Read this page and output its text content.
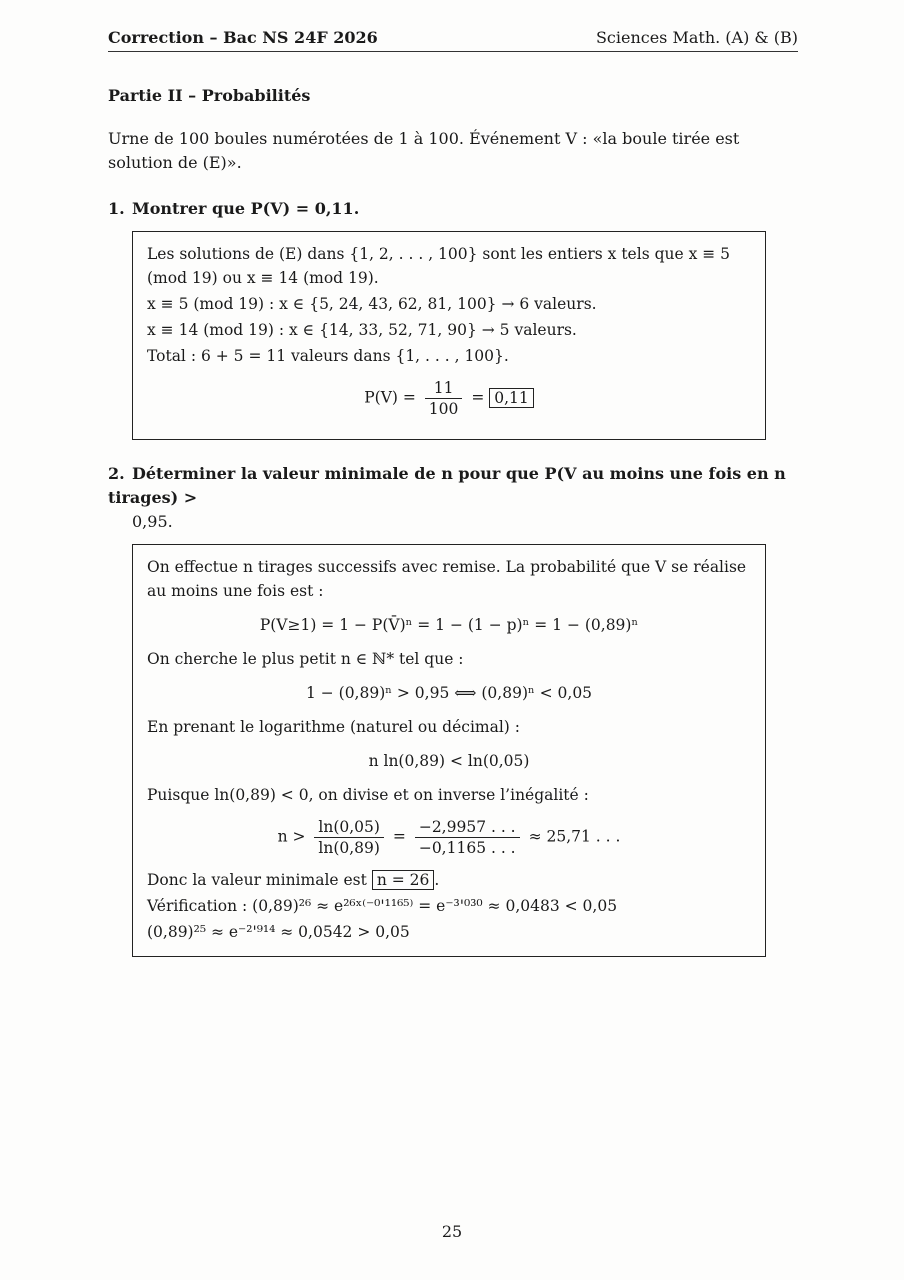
Correction – Bac NS 24F 2026	Sciences Math. (A) & (B)
Partie II – Probabilités
Urne de 100 boules numérotées de 1 à 100. Événement V : «la boule tirée est solution de (E)».
1. Montrer que P(V) = 0,11.
Les solutions de (E) dans {1, 2, . . . , 100} sont les entiers x tels que x ≡ 5 (mod 19) ou x ≡ 14 (mod 19).
x ≡ 5 (mod 19) : x ∈ {5, 24, 43, 62, 81, 100} → 6 valeurs.
x ≡ 14 (mod 19) : x ∈ {14, 33, 52, 71, 90} → 5 valeurs.
Total : 6 + 5 = 11 valeurs dans {1, . . . , 100}.
$P(V) = \frac{11}{100} = 0,11$
2. Déterminer la valeur minimale de n pour que P(V au moins une fois en n tirages) >
0,95.
On effectue n tirages successifs avec remise. La probabilité que V se réalise au moins une fois est :
P(V≥1) = 1 − P(V̄)ⁿ = 1 − (1 − p)ⁿ = 1 − (0,89)ⁿ
On cherche le plus petit n ∈ ℕ* tel que :
1 − (0,89)ⁿ > 0,95 ⟺ (0,89)ⁿ < 0,05
En prenant le logarithme (naturel ou décimal) :
n ln(0,89) < ln(0,05)
Puisque ln(0,89) < 0, on divise et on inverse l’inégalité :
$n > \frac{\ln(0,05)}{\ln(0,89)} = \frac{-2,9957 . . .}{-0,1165 . . .} \approx 25,71$ . . .
Donc la valeur minimale est n = 26 .
Vérification : (0,89)²⁶ ≈ e²⁶ˣ⁽⁻⁰'¹¹⁶⁵⁾ = e⁻³'⁰³⁰ ≈ 0,0483 < 0,05
(0,89)²⁵ ≈ e⁻²'⁹¹⁴ ≈ 0,0542 > 0,05
25
